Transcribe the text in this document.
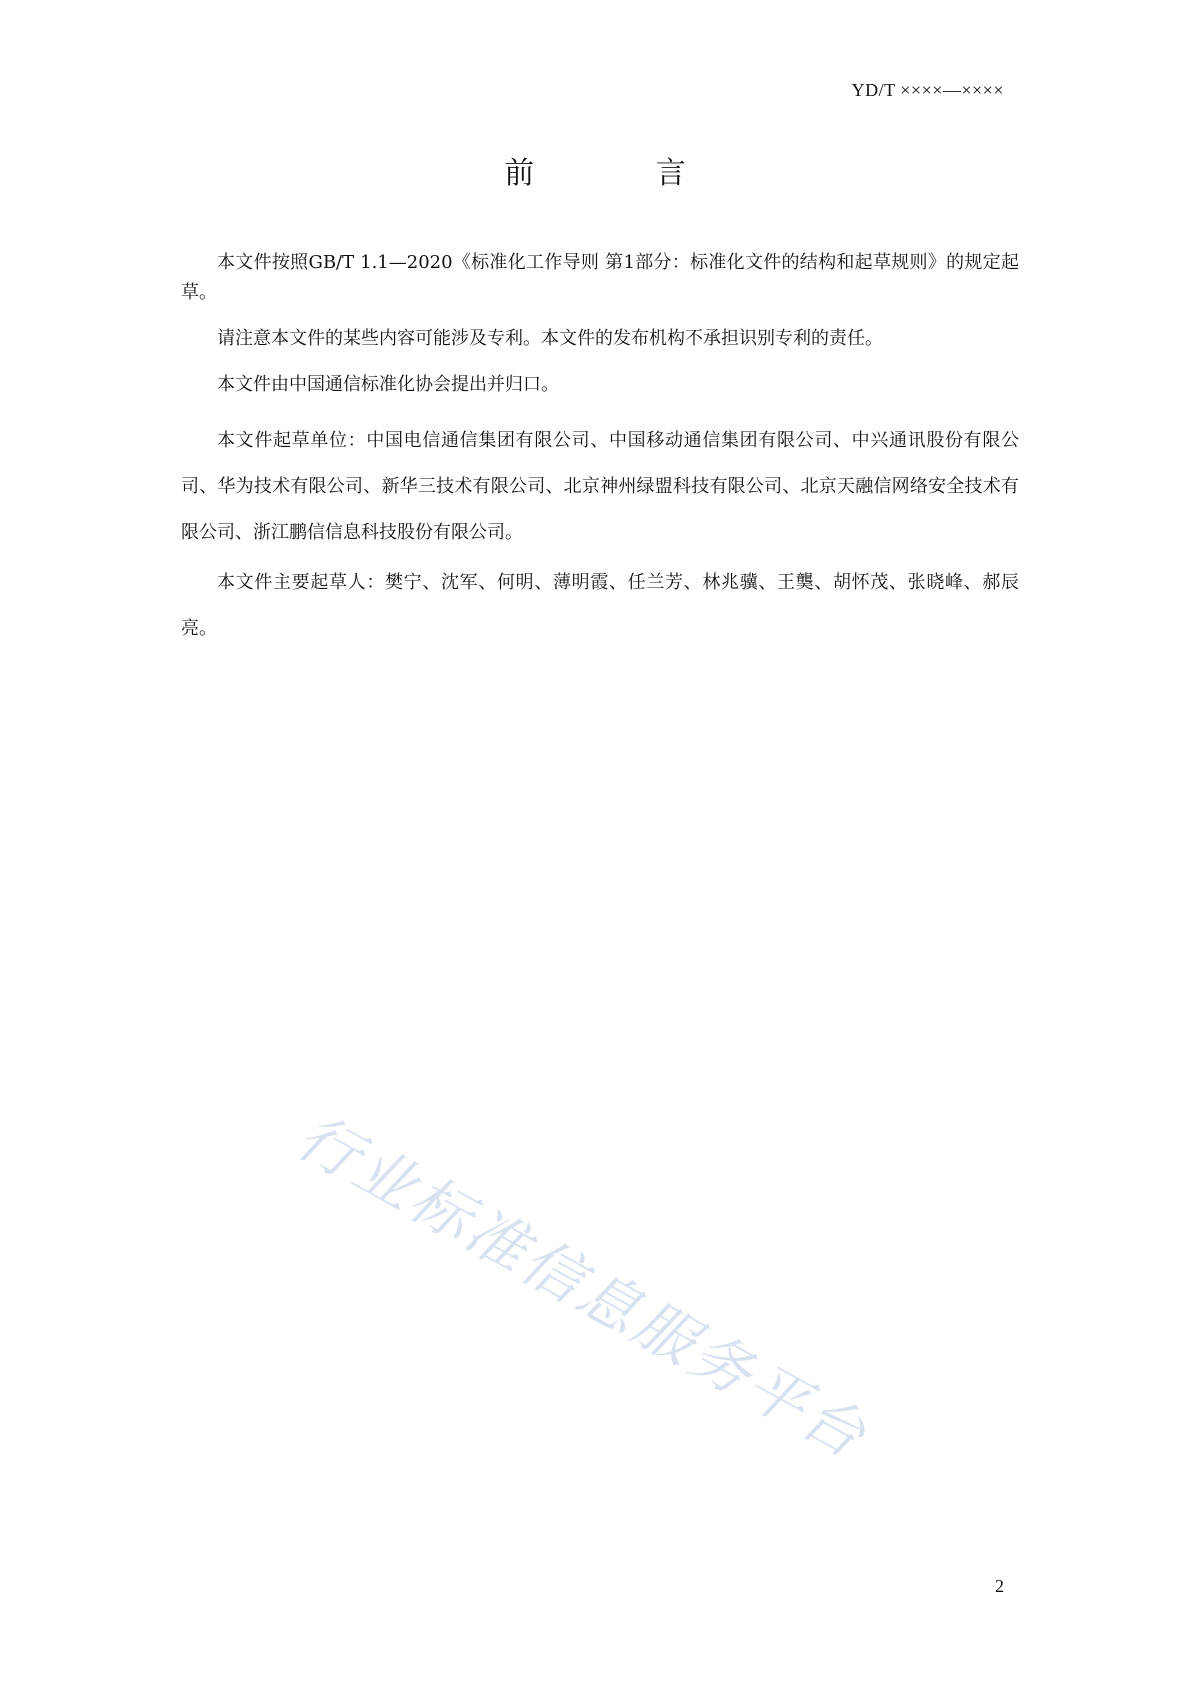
YD/T ××××—××××
前 言

本文件按照GB/T 1.1—2020《标准化工作导则 第1部分：标准化文件的结构和起草规则》的规定起草。

请注意本文件的某些内容可能涉及专利。本文件的发布机构不承担识别专利的责任。

本文件由中国通信标准化协会提出并归口。

本文件起草单位：中国电信通信集团有限公司、中国移动通信集团有限公司、中兴通讯股份有限公司、华为技术有限公司、新华三技术有限公司、北京神州绿盟科技有限公司、北京天融信网络安全技术有限公司、浙江鹏信信息科技股份有限公司。

本文件主要起草人：樊宁、沈军、何明、薄明霞、任兰芳、林兆骥、王龑、胡怀茂、张晓峰、郝辰亮。

行业标准信息服务平台
2
